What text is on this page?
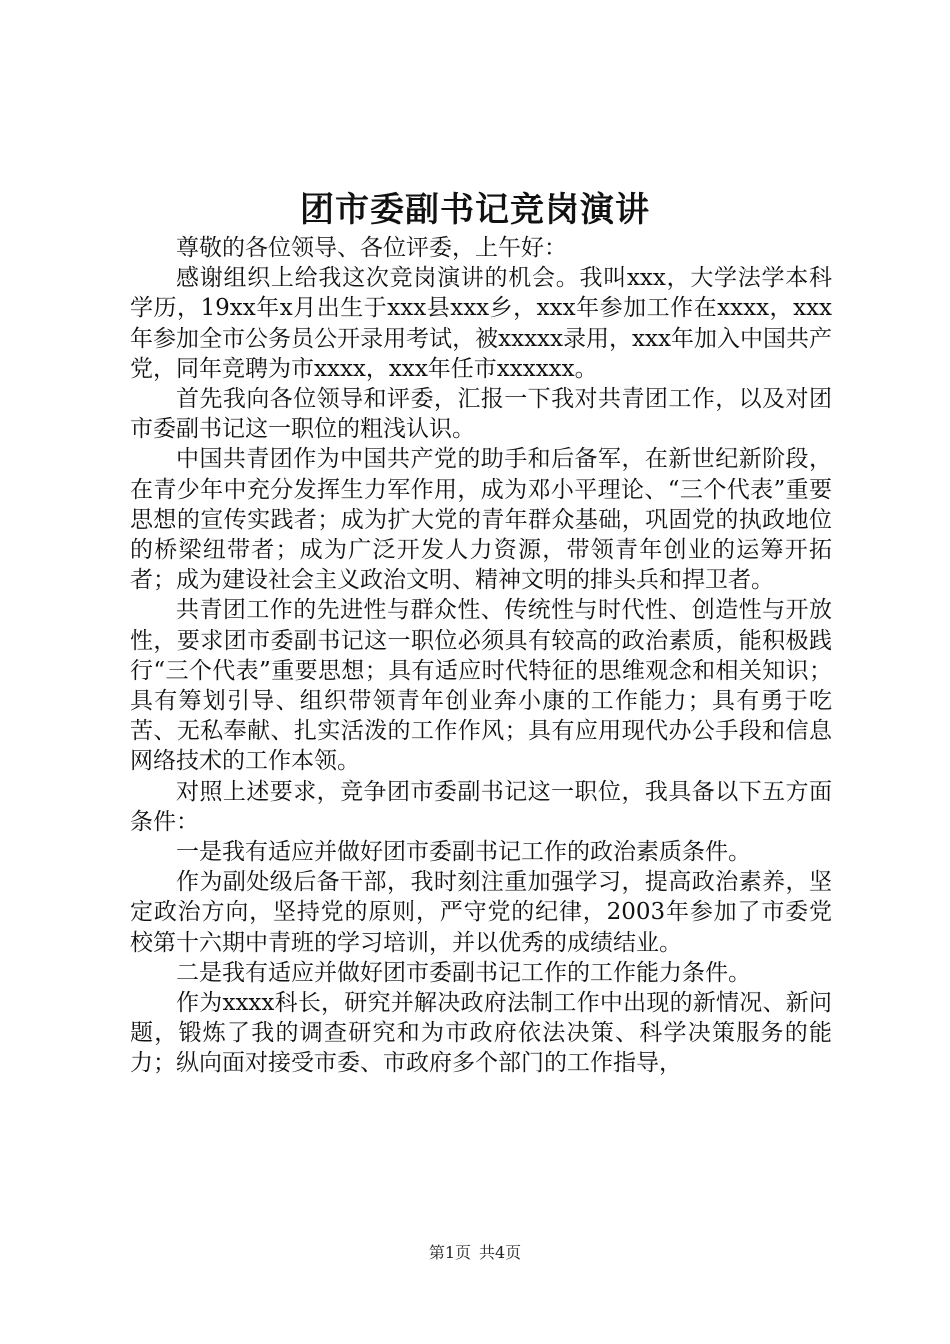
团市委副书记竞岗演讲

尊敬的各位领导、各位评委，上午好：

感谢组织上给我这次竞岗演讲的机会。我叫xxx，大学法学本科学历，19xx年x月出生于xxx县xxx乡，xxx年参加工作在xxxx，xxx年参加全市公务员公开录用考试，被xxxxx录用，xxx年加入中国共产党，同年竞聘为市xxxx，xxx年任市xxxxxx。

首先我向各位领导和评委，汇报一下我对共青团工作，以及对团市委副书记这一职位的粗浅认识。

中国共青团作为中国共产党的助手和后备军，在新世纪新阶段，在青少年中充分发挥生力军作用，成为邓小平理论、“三个代表”重要思想的宣传实践者；成为扩大党的青年群众基础，巩固党的执政地位的桥梁纽带者；成为广泛开发人力资源，带领青年创业的运筹开拓者；成为建设社会主义政治文明、精神文明的排头兵和捍卫者。

共青团工作的先进性与群众性、传统性与时代性、创造性与开放性，要求团市委副书记这一职位必须具有较高的政治素质，能积极践行“三个代表”重要思想；具有适应时代特征的思维观念和相关知识；具有筹划引导、组织带领青年创业奔小康的工作能力；具有勇于吃苦、无私奉献、扎实活泼的工作作风；具有应用现代办公手段和信息网络技术的工作本领。

对照上述要求，竞争团市委副书记这一职位，我具备以下五方面条件：

一是我有适应并做好团市委副书记工作的政治素质条件。

作为副处级后备干部，我时刻注重加强学习，提高政治素养，坚定政治方向，坚持党的原则，严守党的纪律，2003年参加了市委党校第十六期中青班的学习培训，并以优秀的成绩结业。

二是我有适应并做好团市委副书记工作的工作能力条件。

作为xxxx科长，研究并解决政府法制工作中出现的新情况、新问题，锻炼了我的调查研究和为市政府依法决策、科学决策服务的能力；纵向面对接受市委、市政府多个部门的工作指导，

第1页 共4页
